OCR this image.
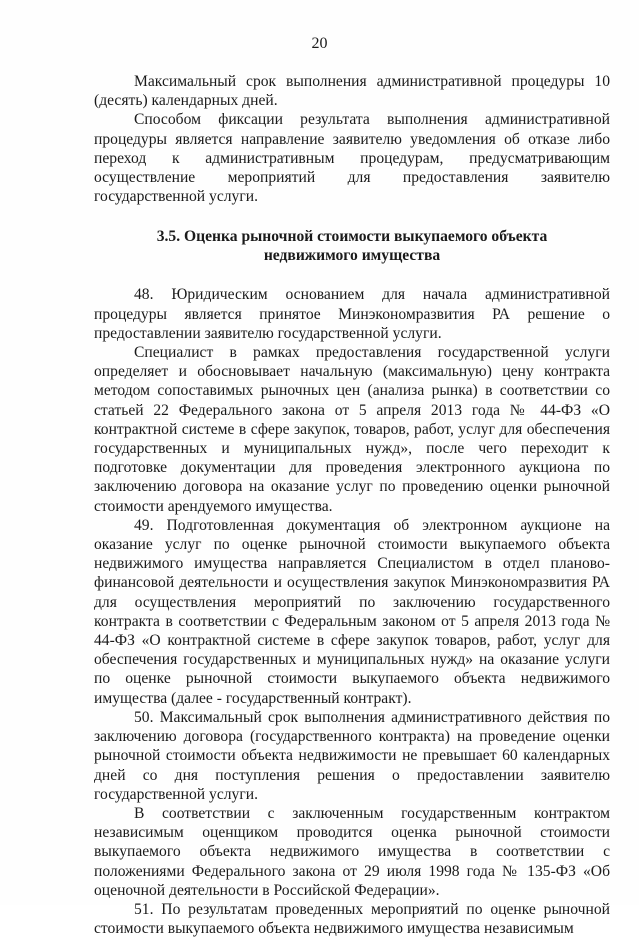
20

Максимальный срок выполнения административной процедуры 10 (десять) календарных дней.

Способом фиксации результата выполнения административной процедуры является направление заявителю уведомления об отказе либо переход к административным процедурам, предусматривающим осуществление мероприятий для предоставления заявителю государственной услуги.

3.5. Оценка рыночной стоимости выкупаемого объекта
недвижимого имущества

48. Юридическим основанием для начала административной процедуры является принятое Минэкономразвития РА решение о предоставлении заявителю государственной услуги.

Специалист в рамках предоставления государственной услуги определяет и обосновывает начальную (максимальную) цену контракта методом сопоставимых рыночных цен (анализа рынка) в соответствии со статьей 22 Федерального закона от 5 апреля 2013 года № 44-ФЗ «О контрактной системе в сфере закупок, товаров, работ, услуг для обеспечения государственных и муниципальных нужд», после чего переходит к подготовке документации для проведения электронного аукциона по заключению договора на оказание услуг по проведению оценки рыночной стоимости арендуемого имущества.

49. Подготовленная документация об электронном аукционе на оказание услуг по оценке рыночной стоимости выкупаемого объекта недвижимого имущества направляется Специалистом в отдел планово-финансовой деятельности и осуществления закупок Минэкономразвития РА для осуществления мероприятий по заключению государственного контракта в соответствии с Федеральным законом от 5 апреля 2013 года № 44-ФЗ «О контрактной системе в сфере закупок товаров, работ, услуг для обеспечения государственных и муниципальных нужд» на оказание услуги по оценке рыночной стоимости выкупаемого объекта недвижимого имущества (далее - государственный контракт).

50. Максимальный срок выполнения административного действия по заключению договора (государственного контракта) на проведение оценки рыночной стоимости объекта недвижимости не превышает 60 календарных дней со дня поступления решения о предоставлении заявителю государственной услуги.

В соответствии с заключенным государственным контрактом независимым оценщиком проводится оценка рыночной стоимости выкупаемого объекта недвижимого имущества в соответствии с положениями Федерального закона от 29 июля 1998 года № 135-ФЗ «Об оценочной деятельности в Российской Федерации».

51. По результатам проведенных мероприятий по оценке рыночной стоимости выкупаемого объекта недвижимого имущества независимым
